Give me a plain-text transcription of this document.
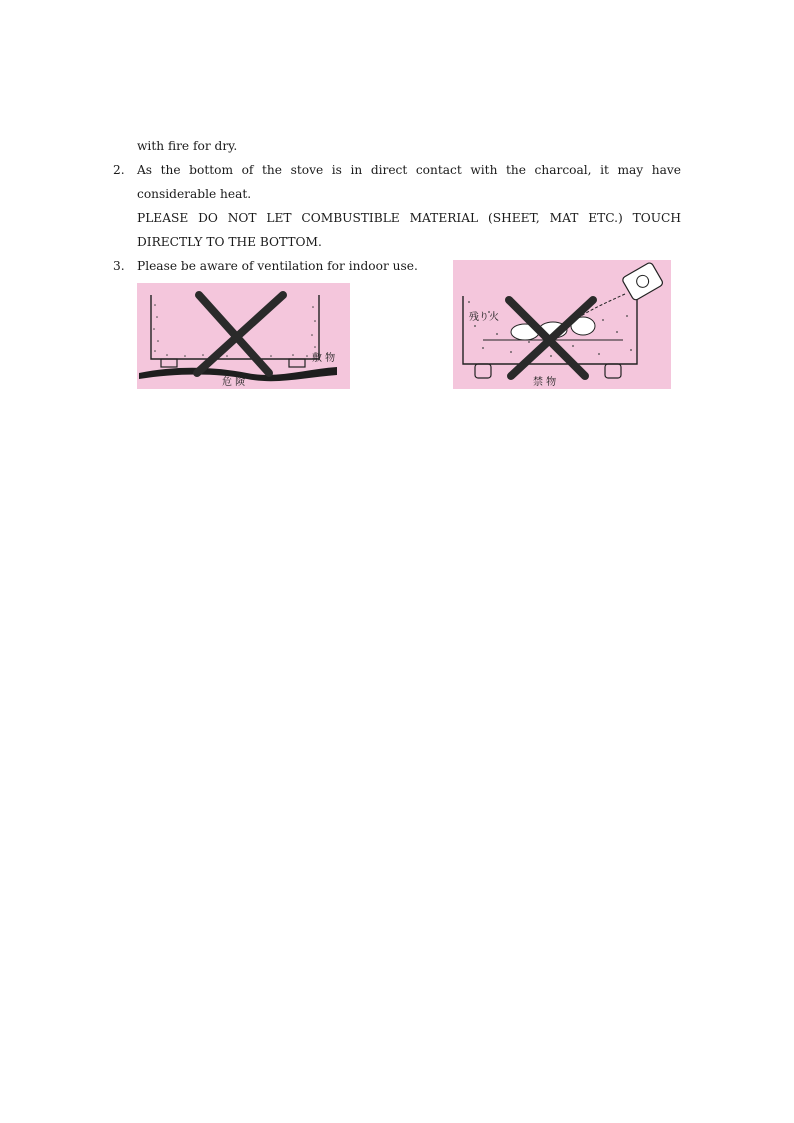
with fire for dry.
2. As the bottom of the stove is in direct contact with the charcoal, it may have
considerable heat.
PLEASE DO NOT LET COMBUSTIBLE MATERIAL (SHEET, MAT ETC.) TOUCH
DIRECTLY TO THE BOTTOM.
3. Please be aware of ventilation for indoor use.
敷 物
危 険
残り火
禁 物
